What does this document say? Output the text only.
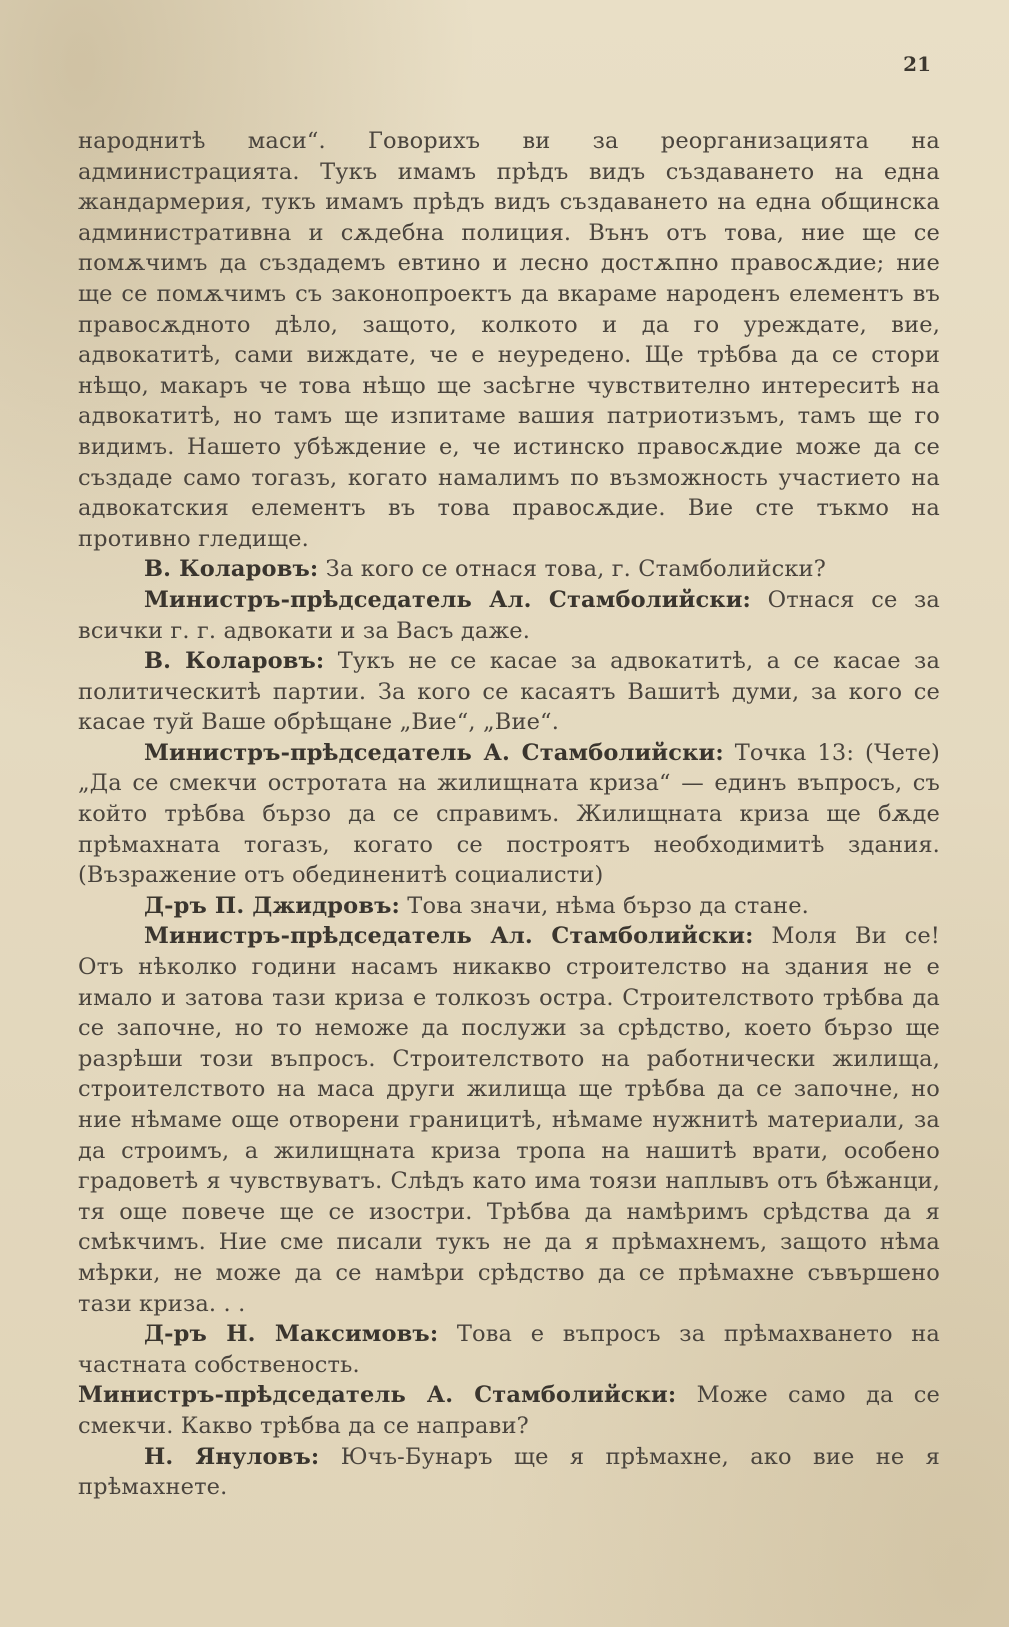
21

народнитѣ маси“. Говорихъ ви за реорганизацията на администрацията. Тукъ имамъ прѣдъ видъ създаването на една жандармерия, тукъ имамъ прѣдъ видъ създаването на една общинска административна и сѫдебна полиция. Вънъ отъ това, ние ще се помѫчимъ да създадемъ евтино и лесно достѫпно правосѫдие; ние ще се помѫчимъ съ законопроектъ да вкараме народенъ елементъ въ правосѫдното дѣло, защото, колкото и да го уреждате, вие, адвокатитѣ, сами виждате, че е неуредено. Ще трѣбва да се стори нѣщо, макаръ че това нѣщо ще засѣгне чувствително интереситѣ на адвокатитѣ, но тамъ ще изпитаме вашия патриотизъмъ, тамъ ще го видимъ. Нашето убѣждение е, че истинско правосѫдие може да се създаде само тогазъ, когато намалимъ по възможность участието на адвокатския елементъ въ това правосѫдие. Вие сте тъкмо на противно гледище.

В. Коларовъ: За кого се отнася това, г. Стамболийски?

Министръ-прѣдседатель Ал. Стамболийски: Отнася се за всички г. г. адвокати и за Васъ даже.

В. Коларовъ: Тукъ не се касае за адвокатитѣ, а се касае за политическитѣ партии. За кого се касаятъ Вашитѣ думи, за кого се касае туй Ваше обрѣщане „Вие“, „Вие“.

Министръ-прѣдседатель А. Стамболийски: Точка 13: (Чете) „Да се смекчи остротата на жилищната криза“ — единъ въпросъ, съ който трѣбва бързо да се справимъ. Жилищната криза ще бѫде прѣмахната тогазъ, когато се построятъ необходимитѣ здания. (Възражение отъ обединенитѣ социалисти)

Д-ръ П. Джидровъ: Това значи, нѣма бързо да стане.

Министръ-прѣдседатель Ал. Стамболийски: Моля Ви се! Отъ нѣколко години насамъ никакво строителство на здания не е имало и затова тази криза е толкозъ остра. Строителството трѣбва да се започне, но то неможе да послужи за срѣдство, което бързо ще разрѣши този въпросъ. Строителството на работнически жилища, строителството на маса други жилища ще трѣбва да се започне, но ние нѣмаме още отворени границитѣ, нѣмаме нужнитѣ материали, за да строимъ, а жилищната криза тропа на нашитѣ врати, особено градоветѣ я чувствуватъ. Слѣдъ като има тоязи наплывъ отъ бѣжанци, тя още повече ще се изостри. Трѣбва да намѣримъ срѣдства да я смѣкчимъ. Ние сме писали тукъ не да я прѣмахнемъ, защото нѣма мѣрки, не може да се намѣри срѣдство да се прѣмахне съвършено тази криза. . .

Д-ръ Н. Максимовъ: Това е въпросъ за прѣмахването на частната собственость.

Министръ-прѣдседатель А. Стамболийски: Може само да се смекчи. Какво трѣбва да се направи?

Н. Януловъ: Ючъ-Бунаръ ще я прѣмахне, ако вие не я прѣмахнете.
